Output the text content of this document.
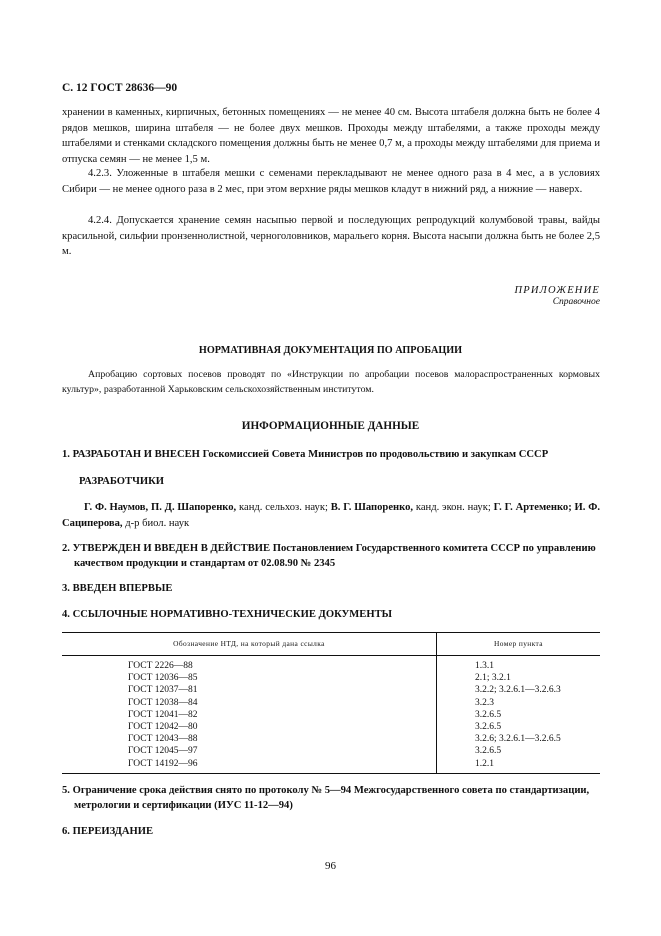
С. 12 ГОСТ 28636—90
хранении в каменных, кирпичных, бетонных помещениях — не менее 40 см. Высота штабеля должна быть не более 4 рядов мешков, ширина штабеля — не более двух мешков. Проходы между штабелями, а также проходы между штабелями и стенками складского помещения должны быть не менее 0,7 м, а проходы между штабелями для приема и отпуска семян — не менее 1,5 м.
4.2.3. Уложенные в штабеля мешки с семенами перекладывают не менее одного раза в 4 мес, а в условиях Сибири — не менее одного раза в 2 мес, при этом верхние ряды мешков кладут в нижний ряд, а нижние — наверх.
4.2.4. Допускается хранение семян насыпью первой и последующих репродукций колумбовой травы, вайды красильной, сильфии пронзеннолистной, черноголовников, маральего корня. Высота насыпи должна быть не более 2,5 м.
ПРИЛОЖЕНИЕ
Справочное
НОРМАТИВНАЯ ДОКУМЕНТАЦИЯ ПО АПРОБАЦИИ
Апробацию сортовых посевов проводят по «Инструкции по апробации посевов малораспространенных кормовых культур», разработанной Харьковским сельскохозяйственным институтом.
ИНФОРМАЦИОННЫЕ ДАННЫЕ
1. РАЗРАБОТАН И ВНЕСЕН Госкомиссией Совета Министров по продовольствию и закупкам СССР
РАЗРАБОТЧИКИ
Г. Ф. Наумов, П. Д. Шапоренко, канд. сельхоз. наук; В. Г. Шапоренко, канд. экон. наук; Г. Г. Артеменко; И. Ф. Сациперова, д-р биол. наук
2. УТВЕРЖДЕН И ВВЕДЕН В ДЕЙСТВИЕ Постановлением Государственного комитета СССР по управлению качеством продукции и стандартам от 02.08.90 № 2345
3. ВВЕДЕН ВПЕРВЫЕ
4. ССЫЛОЧНЫЕ НОРМАТИВНО-ТЕХНИЧЕСКИЕ ДОКУМЕНТЫ
Обозначение НТД, на который дана ссылка	Номер пункта
ГОСТ 2226—88	1.3.1
ГОСТ 12036—85	2.1; 3.2.1
ГОСТ 12037—81	3.2.2; 3.2.6.1—3.2.6.3
ГОСТ 12038—84	3.2.3
ГОСТ 12041—82	3.2.6.5
ГОСТ 12042—80	3.2.6.5
ГОСТ 12043—88	3.2.6; 3.2.6.1—3.2.6.5
ГОСТ 12045—97	3.2.6.5
ГОСТ 14192—96	1.2.1
5. Ограничение срока действия снято по протоколу № 5—94 Межгосударственного совета по стандартизации, метрологии и сертификации (ИУС 11-12—94)
6. ПЕРЕИЗДАНИЕ
96
